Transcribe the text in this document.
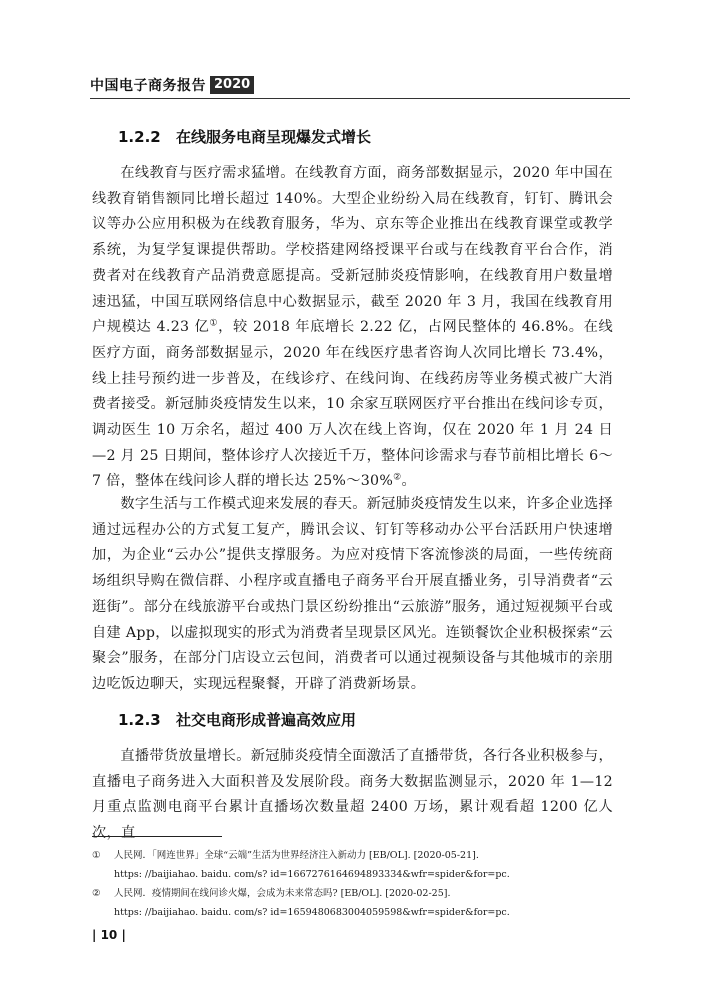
中国电子商务报告 2020
1.2.2 在线服务电商呈现爆发式增长

在线教育与医疗需求猛增。在线教育方面，商务部数据显示，2020 年中国在线教育销售额同比增长超过 140%。大型企业纷纷入局在线教育，钉钉、腾讯会议等办公应用积极为在线教育服务，华为、京东等企业推出在线教育课堂或教学系统，为复学复课提供帮助。学校搭建网络授课平台或与在线教育平台合作，消费者对在线教育产品消费意愿提高。受新冠肺炎疫情影响，在线教育用户数量增速迅猛，中国互联网络信息中心数据显示，截至 2020 年 3 月，我国在线教育用户规模达 4.23 亿①，较 2018 年底增长 2.22 亿，占网民整体的 46.8%。在线医疗方面，商务部数据显示，2020 年在线医疗患者咨询人次同比增长 73.4%，线上挂号预约进一步普及，在线诊疗、在线问询、在线药房等业务模式被广大消费者接受。新冠肺炎疫情发生以来，10 余家互联网医疗平台推出在线问诊专页，调动医生 10 万余名，超过 400 万人次在线上咨询，仅在 2020 年 1 月 24 日—2 月 25 日期间，整体诊疗人次接近千万，整体问诊需求与春节前相比增长 6～7 倍，整体在线问诊人群的增长达 25%～30%②。

数字生活与工作模式迎来发展的春天。新冠肺炎疫情发生以来，许多企业选择通过远程办公的方式复工复产，腾讯会议、钉钉等移动办公平台活跃用户快速增加，为企业“云办公”提供支撑服务。为应对疫情下客流惨淡的局面，一些传统商场组织导购在微信群、小程序或直播电子商务平台开展直播业务，引导消费者“云逛街”。部分在线旅游平台或热门景区纷纷推出“云旅游”服务，通过短视频平台或自建 App，以虚拟现实的形式为消费者呈现景区风光。连锁餐饮企业积极探索“云聚会”服务，在部分门店设立云包间，消费者可以通过视频设备与其他城市的亲朋边吃饭边聊天，实现远程聚餐，开辟了消费新场景。

1.2.3 社交电商形成普遍高效应用

直播带货放量增长。新冠肺炎疫情全面激活了直播带货，各行各业积极参与，直播电子商务进入大面积普及发展阶段。商务大数据监测显示，2020 年 1—12 月重点监测电商平台累计直播场次数量超 2400 万场，累计观看超 1200 亿人次，直

①	人民网．「网连世界」全球“云端”生活为世界经济注入新动力 [EB/OL]. [2020-05-21].
https: //baijiahao. baidu. com/s? id=1667276164694893334&wfr=spider&for=pc.
②	人民网．疫情期间在线问诊火爆，会成为未来常态吗? [EB/OL]. [2020-02-25].
https: //baijiahao. baidu. com/s? id=1659480683004059598&wfr=spider&for=pc.
| 10 |
